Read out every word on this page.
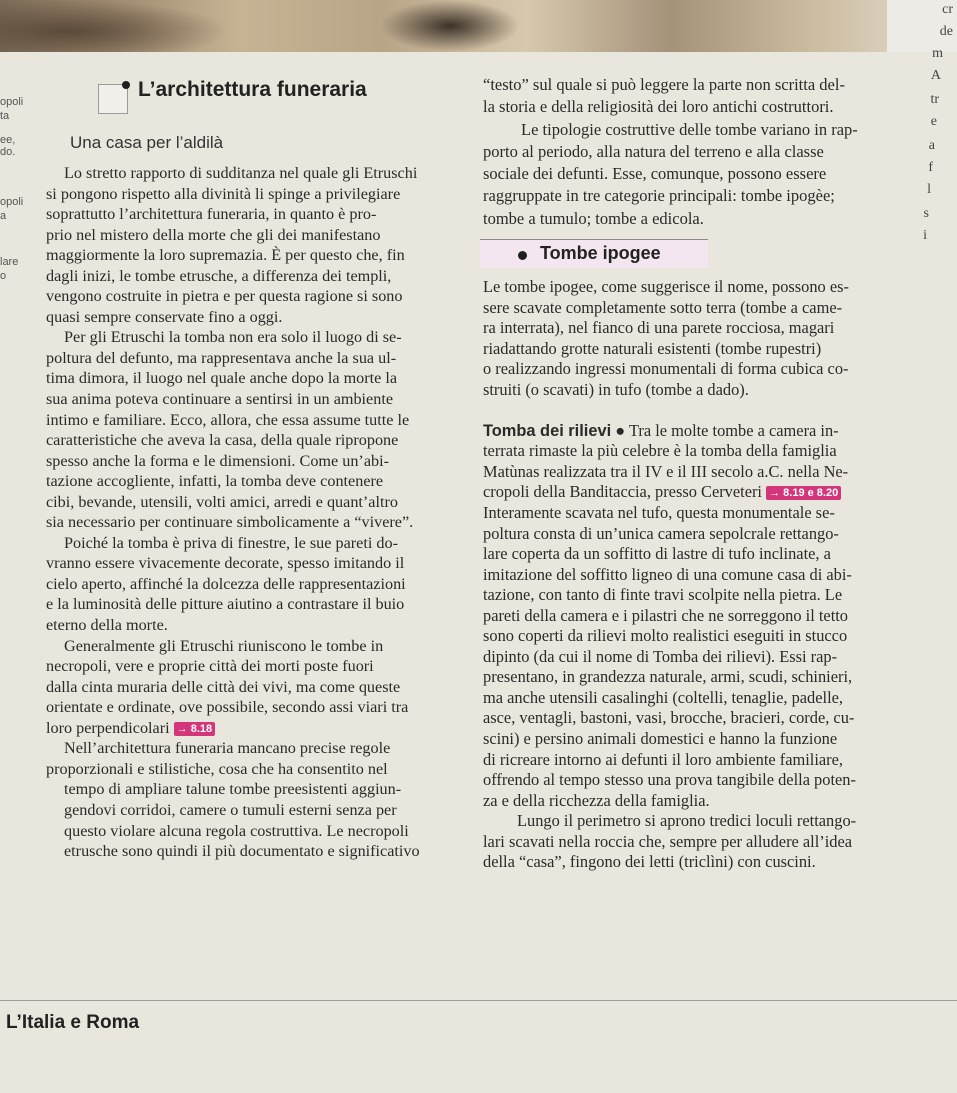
opoli
ta
ee,
do.
opoli
a
lare
o
cr
de
m
A
tr
e
a
f
l
s
i
L’architettura funeraria
Una casa per l’aldilà
Lo stretto rapporto di sudditanza nel quale gli Etruschi
si pongono rispetto alla divinità li spinge a privilegiare
soprattutto l’architettura funeraria, in quanto è pro-
prio nel mistero della morte che gli dei manifestano
maggiormente la loro supremazia. È per questo che, fin
dagli inizi, le tombe etrusche, a differenza dei templi,
vengono costruite in pietra e per questa ragione si sono
quasi sempre conservate fino a oggi.
Per gli Etruschi la tomba non era solo il luogo di se-
poltura del defunto, ma rappresentava anche la sua ul-
tima dimora, il luogo nel quale anche dopo la morte la
sua anima poteva continuare a sentirsi in un ambiente
intimo e familiare. Ecco, allora, che essa assume tutte le
caratteristiche che aveva la casa, della quale ripropone
spesso anche la forma e le dimensioni. Come un’abi-
tazione accogliente, infatti, la tomba deve contenere
cibi, bevande, utensili, volti amici, arredi e quant’altro
sia necessario per continuare simbolicamente a “vivere”.
Poiché la tomba è priva di finestre, le sue pareti do-
vranno essere vivacemente decorate, spesso imitando il
cielo aperto, affinché la dolcezza delle rappresentazioni
e la luminosità delle pitture aiutino a contrastare il buio
eterno della morte.
Generalmente gli Etruschi riuniscono le tombe in
necropoli, vere e proprie città dei morti poste fuori
dalla cinta muraria delle città dei vivi, ma come queste
orientate e ordinate, ove possibile, secondo assi viari tra
loro perpendicolari → 8.18
Nell’architettura funeraria mancano precise regole
proporzionali e stilistiche, cosa che ha consentito nel
tempo di ampliare talune tombe preesistenti aggiun-
gendovi corridoi, camere o tumuli esterni senza per
questo violare alcuna regola costruttiva. Le necropoli
etrusche sono quindi il più documentato e significativo
“testo” sul quale si può leggere la parte non scritta del-
la storia e della religiosità dei loro antichi costruttori.
Le tipologie costruttive delle tombe variano in rap-
porto al periodo, alla natura del terreno e alla classe
sociale dei defunti. Esse, comunque, possono essere
raggruppate in tre categorie principali: tombe ipogèe;
tombe a tumulo; tombe a edicola.
Tombe ipogee
Le tombe ipogee, come suggerisce il nome, possono es-
sere scavate completamente sotto terra (tombe a came-
ra interrata), nel fianco di una parete rocciosa, magari
riadattando grotte naturali esistenti (tombe rupestri)
o realizzando ingressi monumentali di forma cubica co-
struiti (o scavati) in tufo (tombe a dado).
Tomba dei rilievi ● Tra le molte tombe a camera in-
terrata rimaste la più celebre è la tomba della famiglia
Matùnas realizzata tra il IV e il III secolo a.C. nella Ne-
cropoli della Banditaccia, presso Cerveteri → 8.19 e 8.20
Interamente scavata nel tufo, questa monumentale se-
poltura consta di un’unica camera sepolcrale rettango-
lare coperta da un soffitto di lastre di tufo inclinate, a
imitazione del soffitto ligneo di una comune casa di abi-
tazione, con tanto di finte travi scolpite nella pietra. Le
pareti della camera e i pilastri che ne sorreggono il tetto
sono coperti da rilievi molto realistici eseguiti in stucco
dipinto (da cui il nome di Tomba dei rilievi). Essi rap-
presentano, in grandezza naturale, armi, scudi, schinieri,
ma anche utensili casalinghi (coltelli, tenaglie, padelle,
asce, ventagli, bastoni, vasi, brocche, bracieri, corde, cu-
scini) e persino animali domestici e hanno la funzione
di ricreare intorno ai defunti il loro ambiente familiare,
offrendo al tempo stesso una prova tangibile della poten-
za e della ricchezza della famiglia.
Lungo il perimetro si aprono tredici loculi rettango-
lari scavati nella roccia che, sempre per alludere all’idea
della “casa”, fingono dei letti (triclìni) con cuscini.
L’Italia e Roma
